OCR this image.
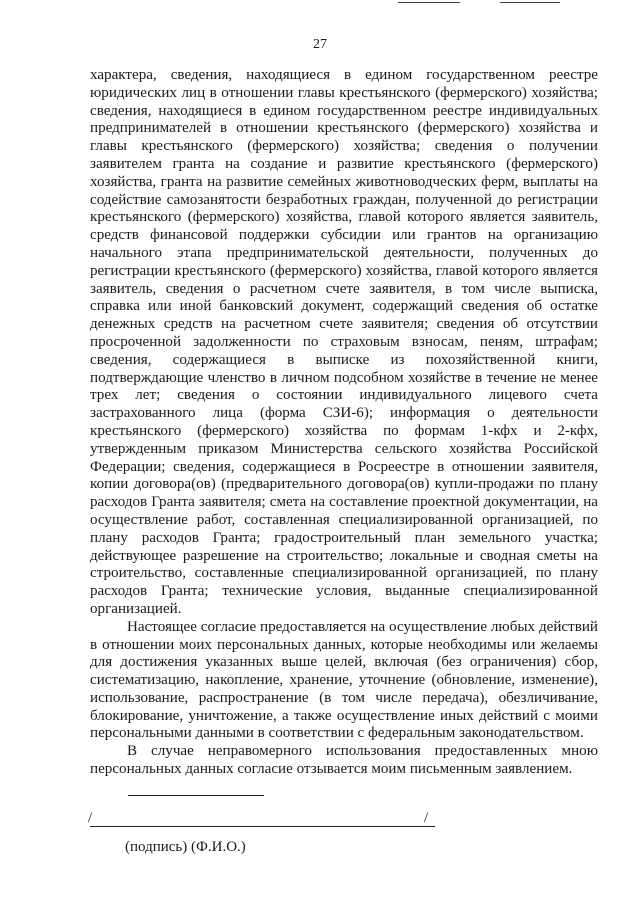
27

характера, сведения, находящиеся в едином государственном реестре юридических лиц в отношении главы крестьянского (фермерского) хозяйства; сведения, находящиеся в едином государственном реестре индивидуальных предпринимателей в отношении крестьянского (фермерского) хозяйства и главы крестьянского (фермерского) хозяйства; сведения о получении заявителем гранта на создание и развитие крестьянского (фермерского) хозяйства, гранта на развитие семейных животноводческих ферм, выплаты на содействие самозанятости безработных граждан, полученной до регистрации крестьянского (фермерского) хозяйства, главой которого является заявитель, средств финансовой поддержки субсидии или грантов на организацию начального этапа предпринимательской деятельности, полученных до регистрации крестьянского (фермерского) хозяйства, главой которого является заявитель, сведения о расчетном счете заявителя, в том числе выписка, справка или иной банковский документ, содержащий сведения об остатке денежных средств на расчетном счете заявителя; сведения об отсутствии просроченной задолженности по страховым взносам, пеням, штрафам; сведения, содержащиеся в выписке из похозяйственной книги, подтверждающие членство в личном подсобном хозяйстве в течение не менее трех лет; сведения о состоянии индивидуального лицевого счета застрахованного лица (форма СЗИ-6); информация о деятельности крестьянского (фермерского) хозяйства по формам 1-кфх и 2-кфх, утвержденным приказом Министерства сельского хозяйства Российской Федерации; сведения, содержащиеся в Росреестре в отношении заявителя, копии договора(ов) (предварительного договора(ов) купли-продажи по плану расходов Гранта заявителя; смета на составление проектной документации, на осуществление работ, составленная специализированной организацией, по плану расходов Гранта; градостроительный план земельного участка; действующее разрешение на строительство; локальные и сводная сметы на строительство, составленные специализированной организацией, по плану расходов Гранта; технические условия, выданные специализированной организацией.

Настоящее согласие предоставляется на осуществление любых действий в отношении моих персональных данных, которые необходимы или желаемы для достижения указанных выше целей, включая (без ограничения) сбор, систематизацию, накопление, хранение, уточнение (обновление, изменение), использование, распространение (в том числе передача), обезличивание, блокирование, уничтожение, а также осуществление иных действий с моими персональными данными в соответствии с федеральным законодательством.

В случае неправомерного использования предоставленных мною персональных данных согласие отзывается моим письменным заявлением.

/	/
(подпись) (Ф.И.О.)
